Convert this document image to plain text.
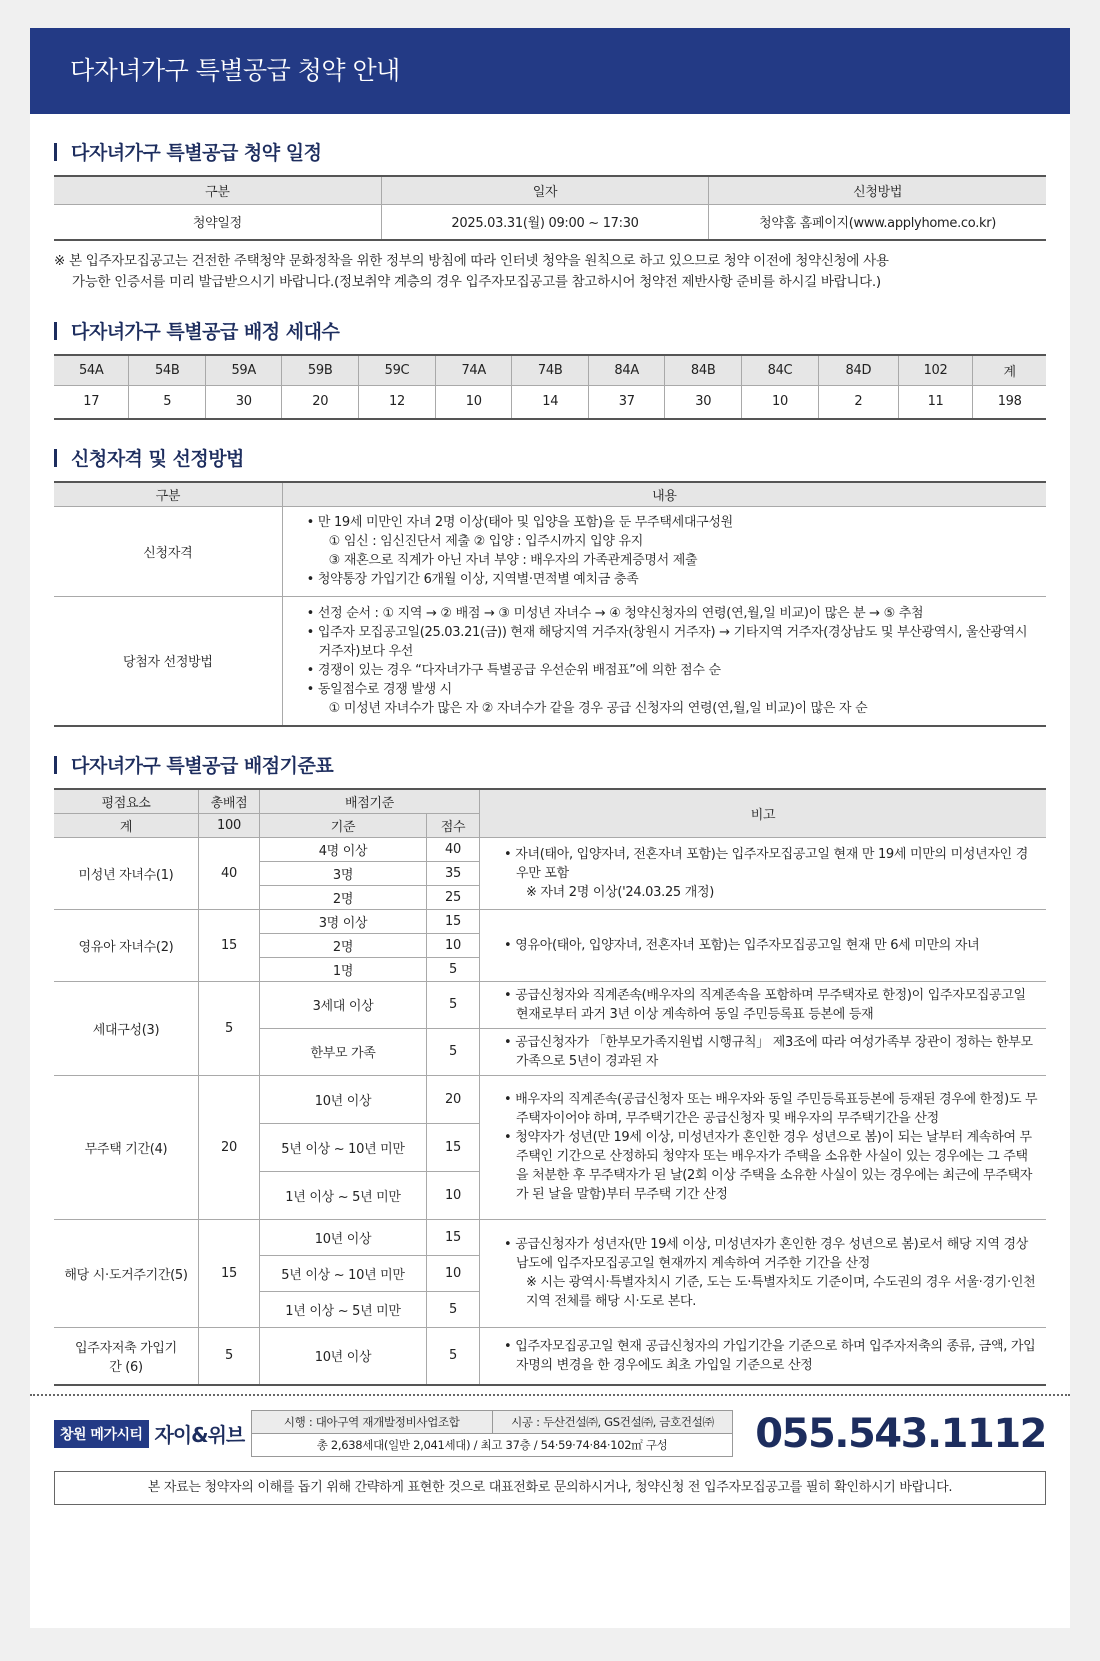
다자녀가구 특별공급 청약 안내
다자녀가구 특별공급 청약 일정
구분	일자	신청방법
청약일정	2025.03.31(월) 09:00 ~ 17:30	청약홈 홈페이지(www.applyhome.co.kr)
※ 본 입주자모집공고는 건전한 주택청약 문화정착을 위한 정부의 방침에 따라 인터넷 청약을 원칙으로 하고 있으므로 청약 이전에 청약신청에 사용
가능한 인증서를 미리 발급받으시기 바랍니다.(정보취약 계층의 경우 입주자모집공고를 참고하시어 청약전 제반사항 준비를 하시길 바랍니다.)
다자녀가구 특별공급 배정 세대수
54A	54B	59A	59B	59C	74A	74B	84A	84B	84C	84D	102	계
17	5	30	20	12	10	14	37	30	10	2	11	198
신청자격 및 선정방법
구분	내용
신청자격	• 만 19세 미만인 자녀 2명 이상(태아 및 입양을 포함)을 둔 무주택세대구성원
① 임신 : 임신진단서 제출 ② 입양 : 입주시까지 입양 유지
③ 재혼으로 직계가 아닌 자녀 부양 : 배우자의 가족관계증명서 제출
• 청약통장 가입기간 6개월 이상, 지역별·면적별 예치금 충족

당첨자 선정방법	• 선정 순서 : ① 지역 → ② 배점 → ③ 미성년 자녀수 → ④ 청약신청자의 연령(연,월,일 비교)이 많은 분 → ⑤ 추첨
• 입주자 모집공고일(25.03.21(금)) 현재 해당지역 거주자(창원시 거주자) → 기타지역 거주자(경상남도 및 부산광역시, 울산광역시 거주자)보다 우선
• 경쟁이 있는 경우 “다자녀가구 특별공급 우선순위 배점표”에 의한 점수 순
• 동일점수로 경쟁 발생 시
① 미성년 자녀수가 많은 자 ② 자녀수가 같을 경우 공급 신청자의 연령(연,월,일 비교)이 많은 자 순
다자녀가구 특별공급 배점기준표
평점요소	총배점	배점기준		비고
계	100	기준	점수	
미성년 자녀수(1)	40	4명 이상	40	• 자녀(태아, 입양자녀, 전혼자녀 포함)는 입주자모집공고일 현재 만 19세 미만의 미성년자인 경우만 포함
※ 자녀 2명 이상('24.03.25 개정)

		3명	35	
		2명	25	
영유아 자녀수(2)	15	3명 이상	15	• 영유아(태아, 입양자녀, 전혼자녀 포함)는 입주자모집공고일 현재 만 6세 미만의 자녀

		2명	10	
		1명	5	
세대구성(3)	5	3세대 이상	5	• 공급신청자와 직계존속(배우자의 직계존속을 포함하며 무주택자로 한정)이 입주자모집공고일 현재로부터 과거 3년 이상 계속하여 동일 주민등록표 등본에 등재

		한부모 가족	5	• 공급신청자가 「한부모가족지원법 시행규칙」 제3조에 따라 여성가족부 장관이 정하는 한부모 가족으로 5년이 경과된 자

무주택 기간(4)	20	10년 이상	20	• 배우자의 직계존속(공급신청자 또는 배우자와 동일 주민등록표등본에 등재된 경우에 한정)도 무주택자이어야 하며, 무주택기간은 공급신청자 및 배우자의 무주택기간을 산정
• 청약자가 성년(만 19세 이상, 미성년자가 혼인한 경우 성년으로 봄)이 되는 날부터 계속하여 무주택인 기간으로 산정하되 청약자 또는 배우자가 주택을 소유한 사실이 있는 경우에는 그 주택을 처분한 후 무주택자가 된 날(2회 이상 주택을 소유한 사실이 있는 경우에는 최근에 무주택자가 된 날을 말함)부터 무주택 기간 산정

		5년 이상 ~ 10년 미만	15	
		1년 이상 ~ 5년 미만	10	
해당 시·도거주기간(5)	15	10년 이상	15	• 공급신청자가 성년자(만 19세 이상, 미성년자가 혼인한 경우 성년으로 봄)로서 해당 지역 경상남도에 입주자모집공고일 현재까지 계속하여 거주한 기간을 산정
※ 시는 광역시·특별자치시 기준, 도는 도·특별자치도 기준이며, 수도권의 경우 서울·경기·인천지역 전체를 해당 시·도로 본다.

		5년 이상 ~ 10년 미만	10	
		1년 이상 ~ 5년 미만	5	
입주자저축 가입기간 (6)	5	10년 이상	5	• 입주자모집공고일 현재 공급신청자의 가입기간을 기준으로 하며 입주자저축의 종류, 금액, 가입자명의 변경을 한 경우에도 최초 가입일 기준으로 산정
창원 메가시티 자이&위브
시행 : 대아구역 재개발정비사업조합	시공 : 두산건설㈜, GS건설㈜, 금호건설㈜
총 2,638세대(일반 2,041세대) / 최고 37층 / 54·59·74·84·102㎡ 구성 055.543.1112
본 자료는 청약자의 이해를 돕기 위해 간략하게 표현한 것으로 대표전화로 문의하시거나, 청약신청 전 입주자모집공고를 필히 확인하시기 바랍니다.
